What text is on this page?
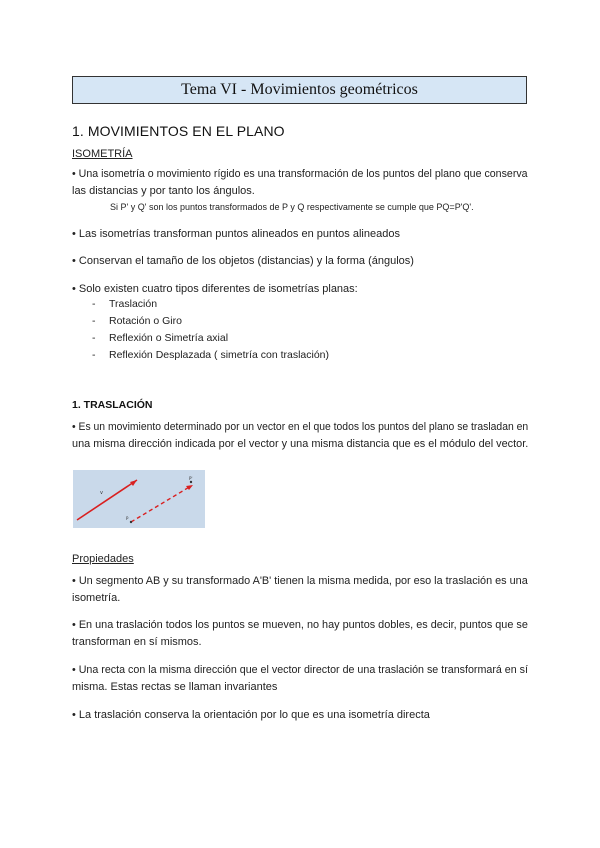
Tema VI - Movimientos geométricos
1. MOVIMIENTOS EN EL PLANO
ISOMETRÍA
• Una isometría o movimiento rígido es una transformación de los puntos del plano que conserva
las distancias y por tanto los ángulos.
Si P' y Q' son los puntos transformados de P y Q respectivamente se cumple que PQ=P'Q'.
• Las isometrías transforman puntos alineados en puntos alineados
• Conservan el tamaño de los objetos (distancias) y la forma (ángulos)
• Solo existen cuatro tipos diferentes de isometrías planas:
- Traslación
- Rotación o Giro
- Reflexión o Simetría axial
- Reflexión Desplazada ( simetría con traslación)
1. TRASLACIÓN
• Es un movimiento determinado por un vector en el que todos los puntos del plano se trasladan en
una misma dirección indicada por el vector y una misma distancia que es el módulo del vector.
v
P
P'
Propiedades
• Un segmento AB y su transformado A'B' tienen la misma medida, por eso la traslación es una
isometría.
• En una traslación todos los puntos se mueven, no hay puntos dobles, es decir, puntos que se
transforman en sí mismos.
• Una recta con la misma dirección que el vector director de una traslación se transformará en sí
misma. Estas rectas se llaman invariantes
• La traslación conserva la orientación por lo que es una isometría directa
